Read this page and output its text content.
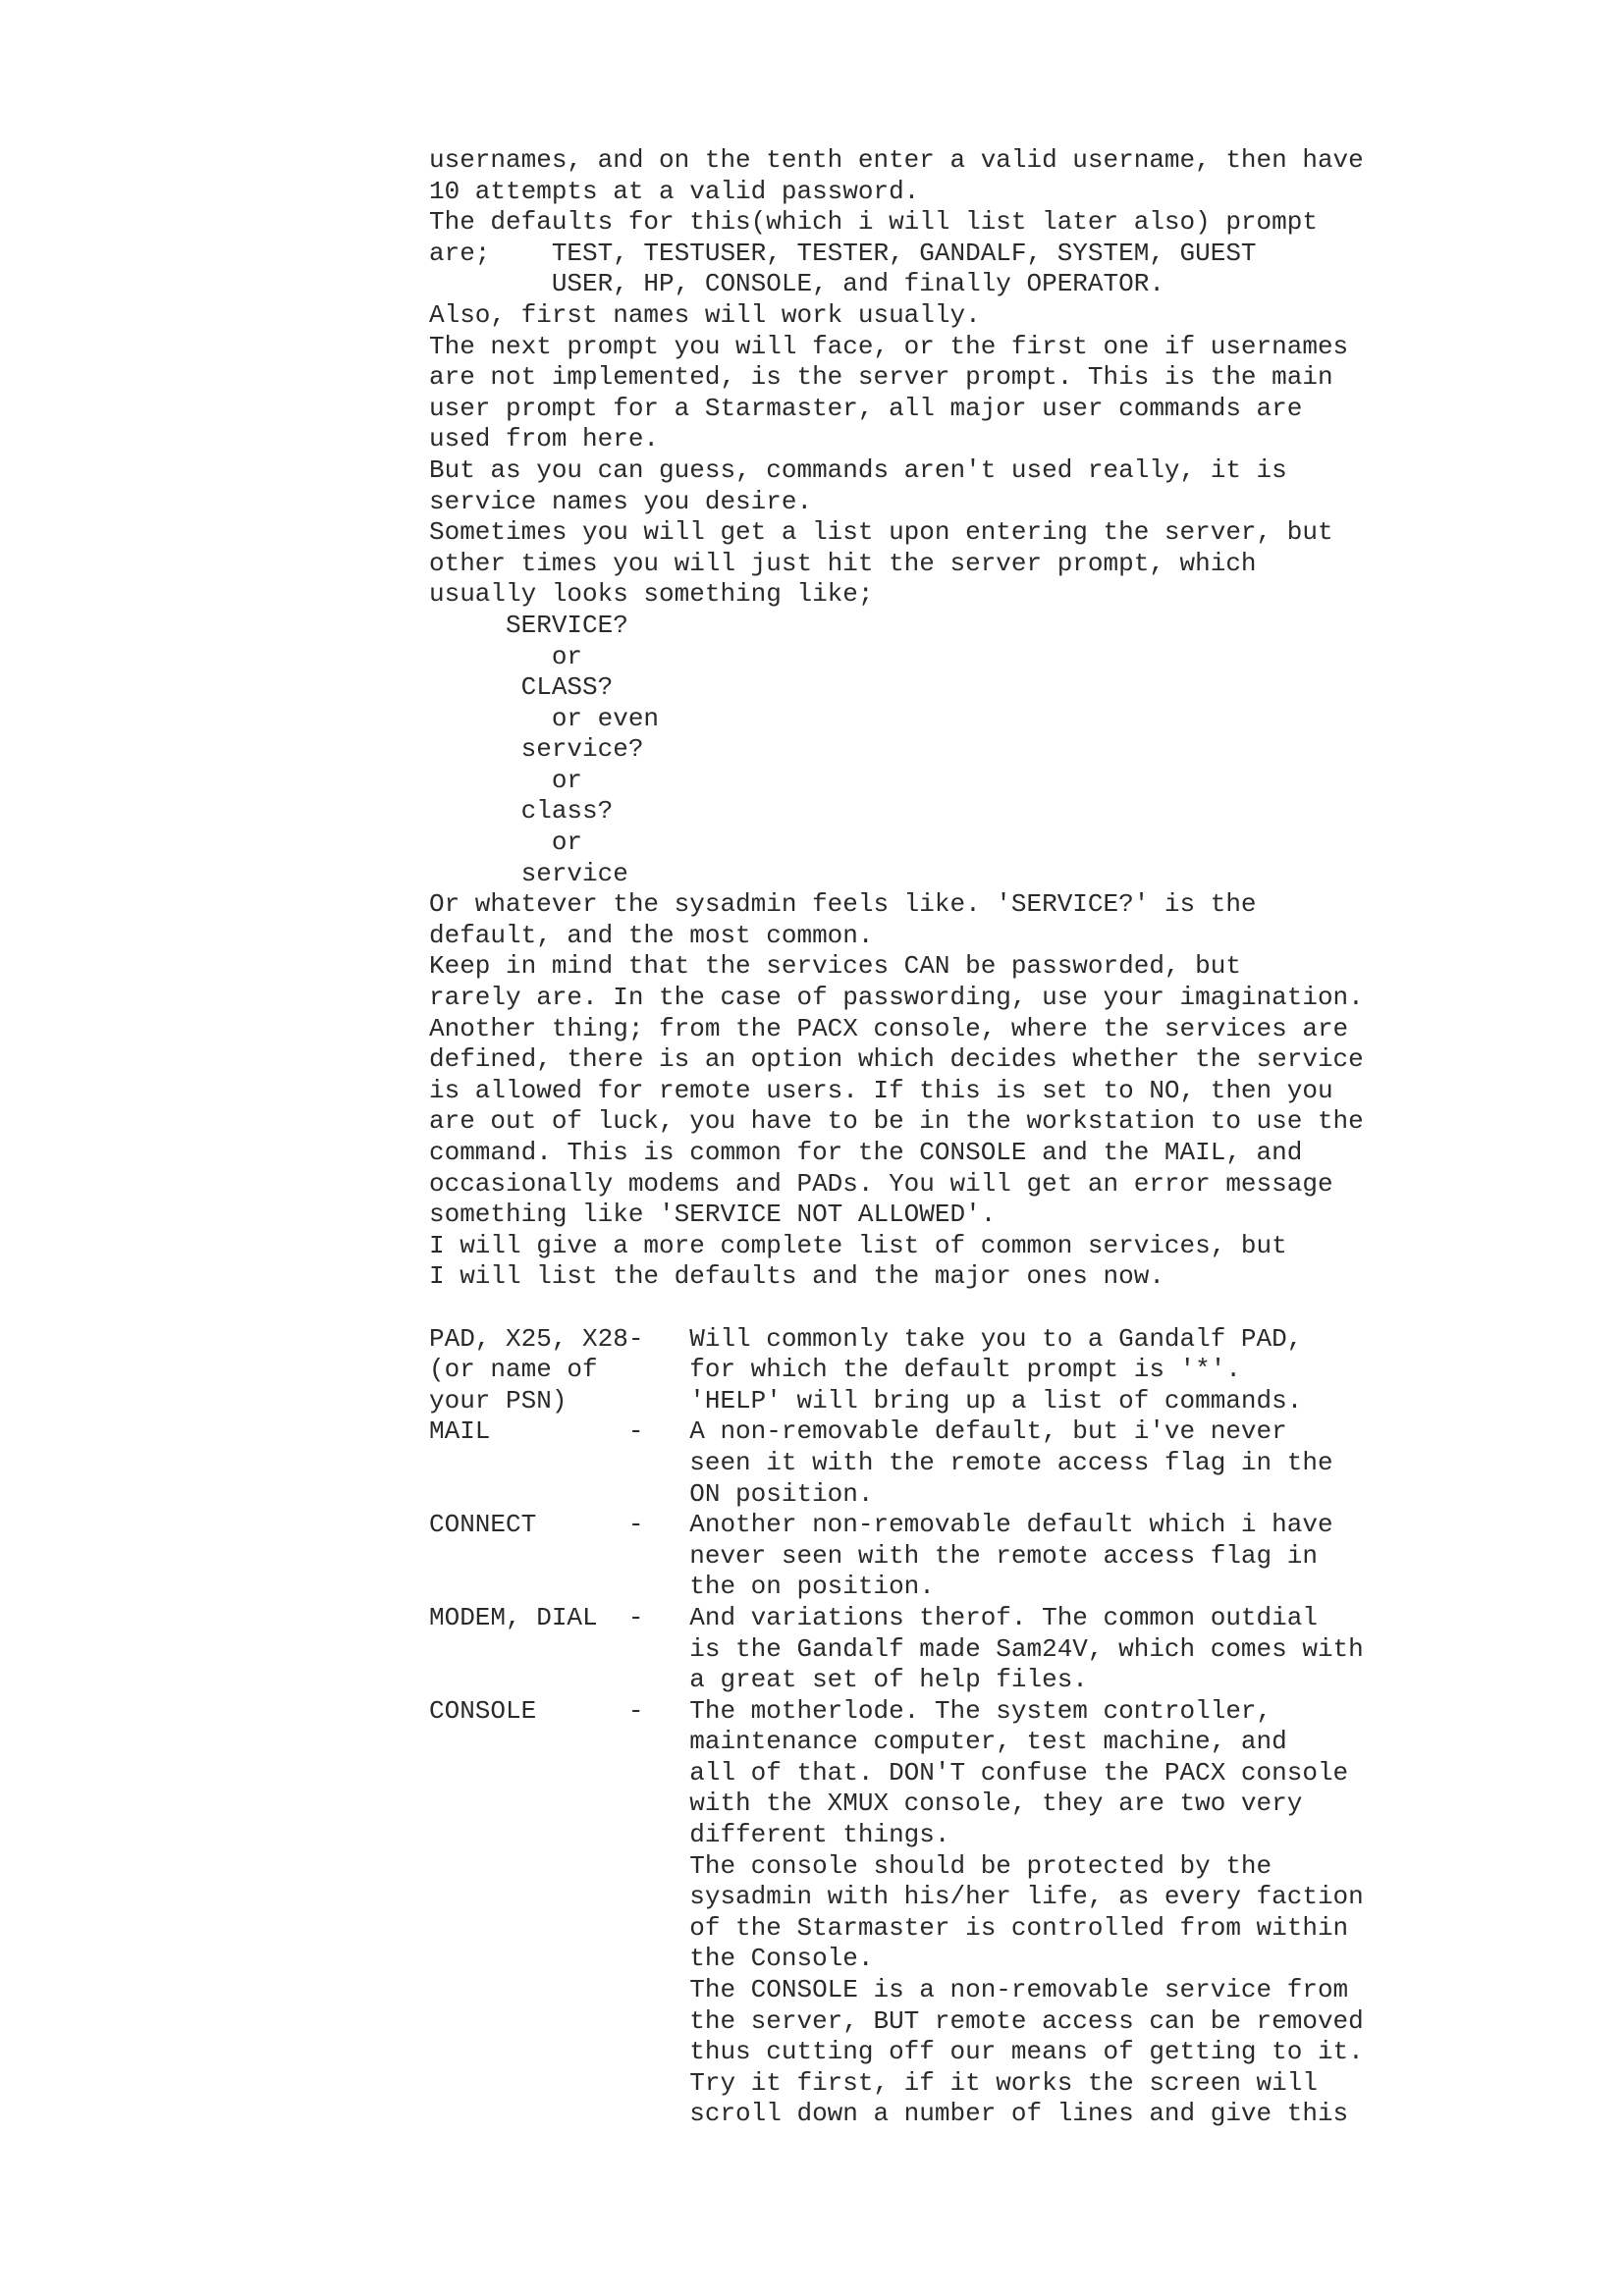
usernames, and on the tenth enter a valid username, then have
10 attempts at a valid password.
The defaults for this(which i will list later also) prompt
are;    TEST, TESTUSER, TESTER, GANDALF, SYSTEM, GUEST
USER, HP, CONSOLE, and finally OPERATOR.
Also, first names will work usually.
The next prompt you will face, or the first one if usernames
are not implemented, is the server prompt. This is the main
user prompt for a Starmaster, all major user commands are
used from here.
But as you can guess, commands aren't used really, it is
service names you desire.
Sometimes you will get a list upon entering the server, but
other times you will just hit the server prompt, which
usually looks something like;
SERVICE?
or
CLASS?
or even
service?
or
class?
or
service
Or whatever the sysadmin feels like. 'SERVICE?' is the
default, and the most common.
Keep in mind that the services CAN be passworded, but
rarely are. In the case of passwording, use your imagination.
Another thing; from the PACX console, where the services are
defined, there is an option which decides whether the service
is allowed for remote users. If this is set to NO, then you
are out of luck, you have to be in the workstation to use the
command. This is common for the CONSOLE and the MAIL, and
occasionally modems and PADs. You will get an error message
something like 'SERVICE NOT ALLOWED'.
I will give a more complete list of common services, but
I will list the defaults and the major ones now.
PAD, X25, X28-   Will commonly take you to a Gandalf PAD,
(or name of      for which the default prompt is '*'.
your PSN)        'HELP' will bring up a list of commands.
MAIL         -   A non-removable default, but i've never
seen it with the remote access flag in the
ON position.
CONNECT      -   Another non-removable default which i have
never seen with the remote access flag in
the on position.
MODEM, DIAL  -   And variations therof. The common outdial
is the Gandalf made Sam24V, which comes with
a great set of help files.
CONSOLE      -   The motherlode. The system controller,
maintenance computer, test machine, and
all of that. DON'T confuse the PACX console
with the XMUX console, they are two very
different things.
The console should be protected by the
sysadmin with his/her life, as every faction
of the Starmaster is controlled from within
the Console.
The CONSOLE is a non-removable service from
the server, BUT remote access can be removed
thus cutting off our means of getting to it.
Try it first, if it works the screen will
scroll down a number of lines and give this
